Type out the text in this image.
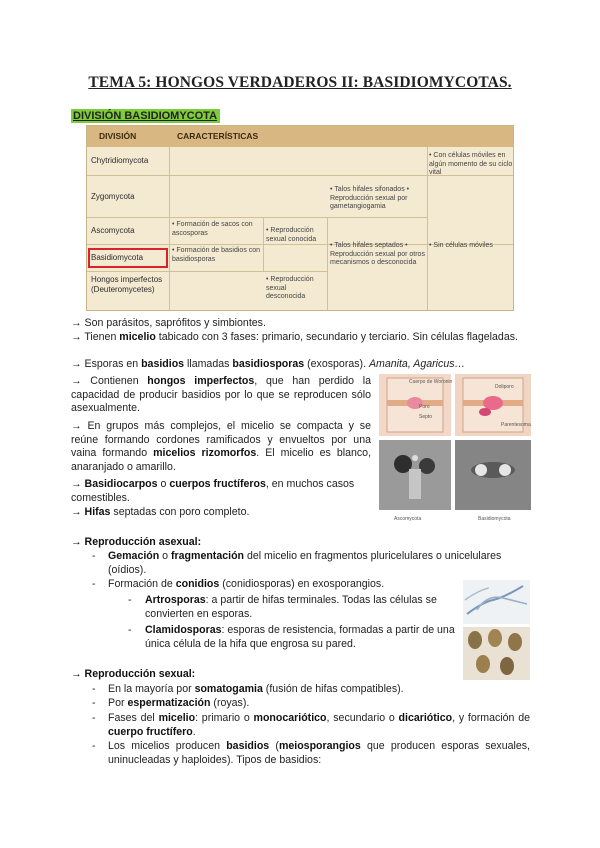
TEMA 5: HONGOS VERDADEROS II: BASIDIOMYCOTAS.
DIVISIÓN BASIDIOMYCOTA
DIVISIÓN	CARACTERÍSTICAS
Chytridiomycota
Zygomycota
Ascomycota
Basidiomycota
Hongos imperfectos (Deuteromycetes)
• Con células móviles en algún momento de su ciclo vital
• Talos hifales sifonados • Reproducción sexual por gametangiogamia
• Formación de sacos con ascosporas
• Formación de basidios con basidiosporas
• Reproducción sexual conocida
• Reproducción sexual desconocida
• Talos hifales septados • Reproducción sexual por otros mecanismos o desconocida
• Sin células móviles
→ Son parásitos, saprófitos y simbiontes.
→ Tienen micelio tabicado con 3 fases: primario, secundario y terciario. Sin células flageladas.
→ Esporas en basidios llamadas basidiosporas (exosporas). Amanita, Agaricus…
→ Contienen hongos imperfectos, que han perdido la capacidad de producir basidios por lo que se reproducen sólo asexualmente.
→ En grupos más complejos, el micelio se compacta y se reúne formando cordones ramificados y envueltos por una vaina formando micelios rizomorfos. El micelio es blanco, anaranjado o amarillo.
→ Basidiocarpos o cuerpos fructíferos, en muchos casos comestibles.
→ Hifas septadas con poro completo.
Cuerpo de Woronin
Poro
Septo
Doliporo
Parentesoma
Ascomycota	Basidiomycota
→ Reproducción asexual:
- Gemación o fragmentación del micelio en fragmentos pluricelulares o unicelulares (oídios).
- Formación de conidios (conidiosporas) en exosporangios.
- Artrosporas: a partir de hifas terminales. Todas las células se convierten en esporas.
- Clamidosporas: esporas de resistencia, formadas a partir de una única célula de la hifa que engrosa su pared.
→ Reproducción sexual:
- En la mayoría por somatogamia (fusión de hifas compatibles).
- Por espermatización (royas).
- Fases del micelio: primario o monocariótico, secundario o dicariótico, y formación de cuerpo fructífero.
- Los micelios producen basidios (meiosporangios que producen esporas sexuales, uninucleadas y haploides). Tipos de basidios:
